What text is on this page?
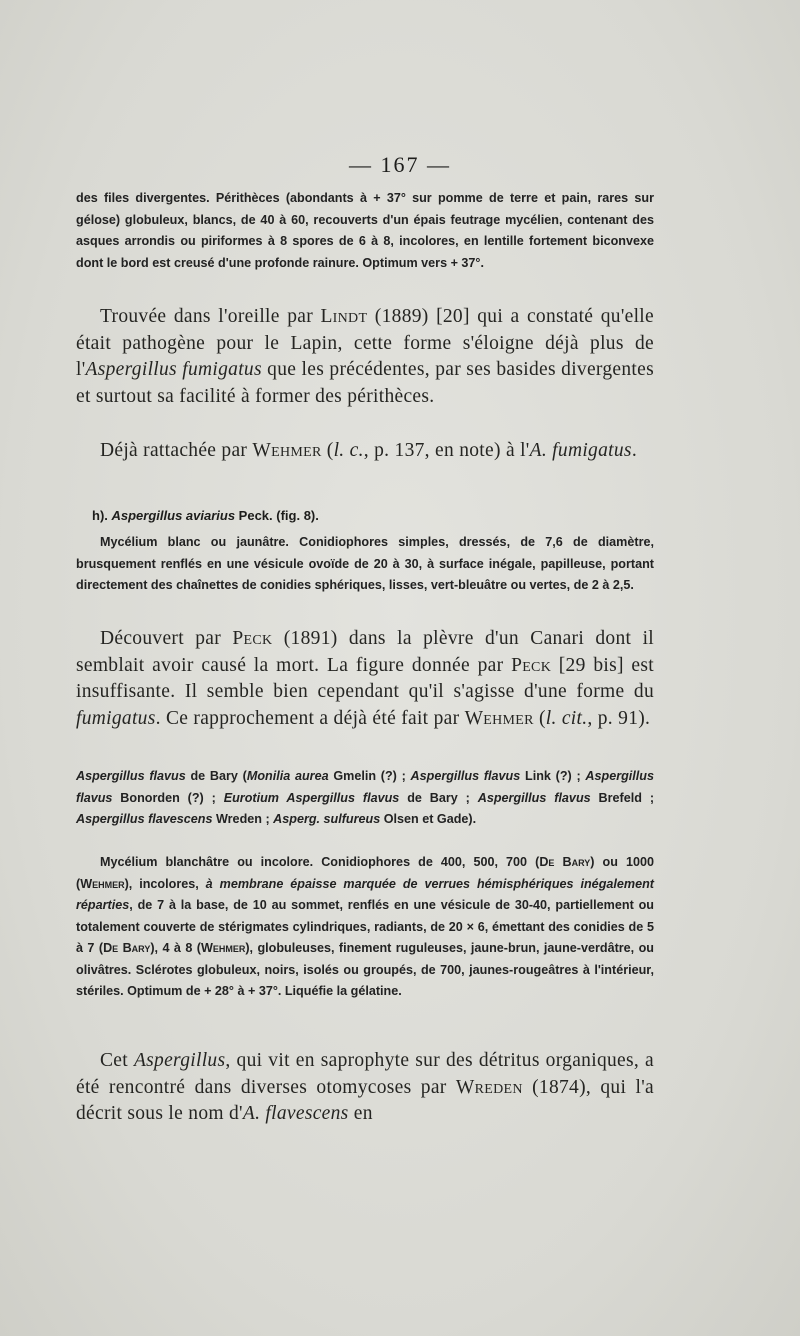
— 167 —

des files divergentes. Périthèces (abondants à + 37° sur pomme de terre et pain, rares sur gélose) globuleux, blancs, de 40 à 60, recouverts d'un épais feutrage mycélien, contenant des asques arrondis ou piriformes à 8 spores de 6 à 8, incolores, en lentille fortement biconvexe dont le bord est creusé d'une profonde rainure. Optimum vers + 37°.

Trouvée dans l'oreille par Lindt (1889) [20] qui a constaté qu'elle était pathogène pour le Lapin, cette forme s'éloigne déjà plus de l'Aspergillus fumigatus que les précédentes, par ses basides divergentes et surtout sa facilité à former des périthèces.

Déjà rattachée par Wehmer (l. c., p. 137, en note) à l'A. fumigatus.

h). Aspergillus aviarius Peck. (fig. 8).

Mycélium blanc ou jaunâtre. Conidiophores simples, dressés, de 7,6 de diamètre, brusquement renflés en une vésicule ovoïde de 20 à 30, à surface inégale, papilleuse, portant directement des chaînettes de conidies sphériques, lisses, vert-bleuâtre ou vertes, de 2 à 2,5.

Découvert par Peck (1891) dans la plèvre d'un Canari dont il semblait avoir causé la mort. La figure donnée par Peck [29 bis] est insuffisante. Il semble bien cependant qu'il s'agisse d'une forme du fumigatus. Ce rapprochement a déjà été fait par Wehmer (l. cit., p. 91).

Aspergillus flavus de Bary (Monilia aurea Gmelin (?) ; Aspergillus flavus Link (?) ; Aspergillus flavus Bonorden (?) ; Eurotium Aspergillus flavus de Bary ; Aspergillus flavus Brefeld ; Aspergillus flavescens Wreden ; Asperg. sulfureus Olsen et Gade).

Mycélium blanchâtre ou incolore. Conidiophores de 400, 500, 700 (De Bary) ou 1000 (Wehmer), incolores, à membrane épaisse marquée de verrues hémisphériques inégalement réparties, de 7 à la base, de 10 au sommet, renflés en une vésicule de 30-40, partiellement ou totalement couverte de stérigmates cylindriques, radiants, de 20 × 6, émettant des conidies de 5 à 7 (De Bary), 4 à 8 (Wehmer), globuleuses, finement ruguleuses, jaune-brun, jaune-verdâtre, ou olivâtres. Sclérotes globuleux, noirs, isolés ou groupés, de 700, jaunes-rougeâtres à l'intérieur, stériles. Optimum de + 28° à + 37°. Liquéfie la gélatine.

Cet Aspergillus, qui vit en saprophyte sur des détritus organiques, a été rencontré dans diverses otomycoses par Wreden (1874), qui l'a décrit sous le nom d'A. flavescens en
